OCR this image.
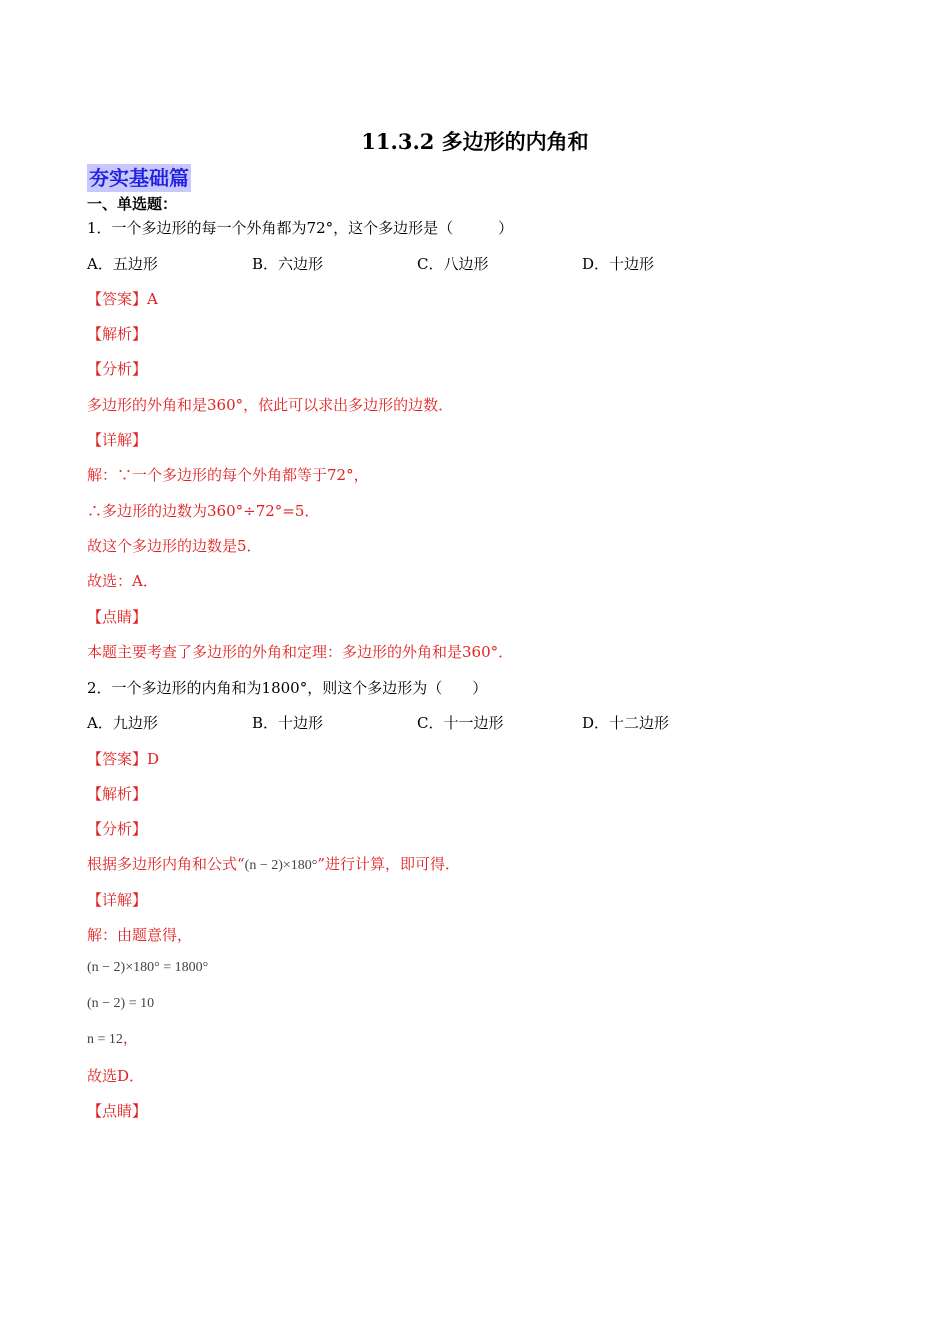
11.3.2 多边形的内角和
夯实基础篇
一、单选题：
1．一个多边形的每一个外角都为72°，这个多边形是（　　　）
A．五边形	B．六边形	C．八边形	D．十边形
【答案】A
【解析】
【分析】
多边形的外角和是360°，依此可以求出多边形的边数．
【详解】
解：∵一个多边形的每个外角都等于72°，
∴多边形的边数为360°÷72°=5．
故这个多边形的边数是5．
故选：A．
【点睛】
本题主要考查了多边形的外角和定理：多边形的外角和是360°．
2．一个多边形的内角和为1800°，则这个多边形为（　　）
A．九边形	B．十边形	C．十一边形	D．十二边形
【答案】D
【解析】
【分析】
根据多边形内角和公式“(n − 2)×180°”进行计算，即可得．
【详解】
解：由题意得，
(n − 2)×180° = 1800°
(n − 2) = 10
n = 12，
故选D．
【点睛】
